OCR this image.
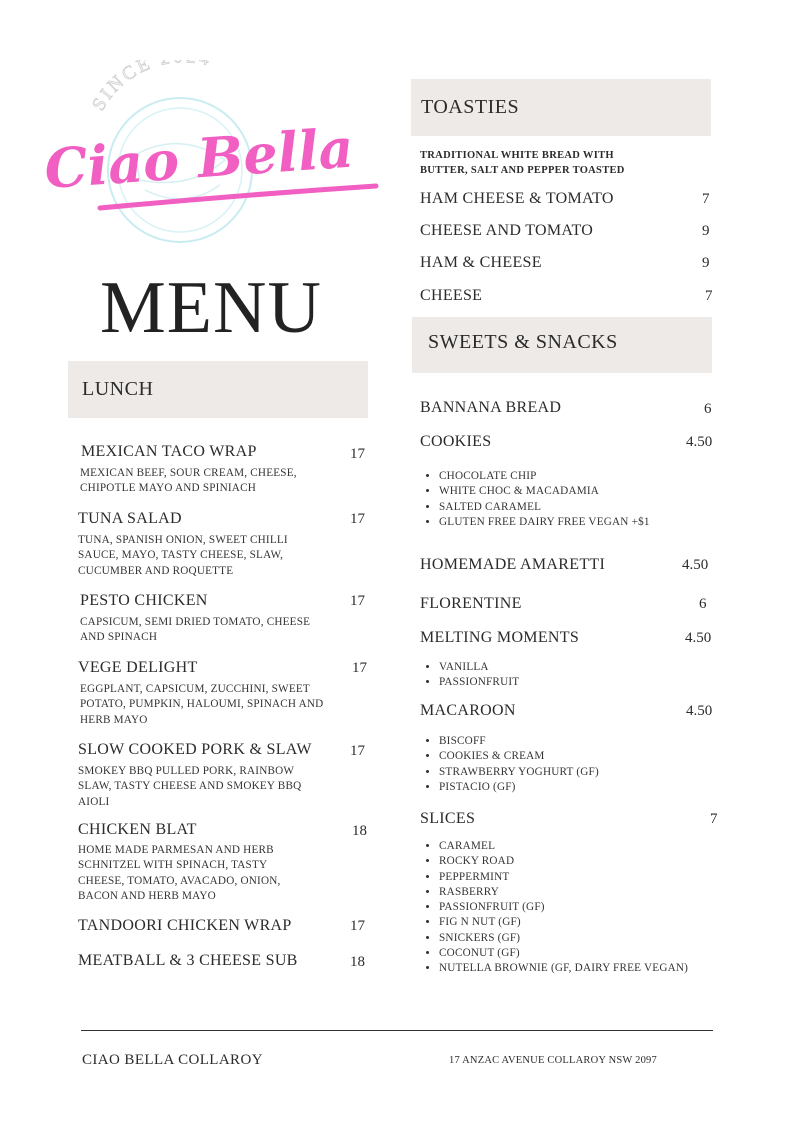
SINCE
Ciao Bella
MENU
LUNCH
MEXICAN TACO WRAP	17
MEXICAN BEEF, SOUR CREAM, CHEESE, CHIPOTLE MAYO AND SPINIACH
TUNA SALAD	17
TUNA, SPANISH ONION, SWEET CHILLI SAUCE, MAYO, TASTY CHEESE, SLAW, CUCUMBER AND ROQUETTE
PESTO CHICKEN	17
CAPSICUM, SEMI DRIED TOMATO, CHEESE AND SPINACH
VEGE DELIGHT	17
EGGPLANT, CAPSICUM, ZUCCHINI, SWEET POTATO, PUMPKIN, HALOUMI, SPINACH AND HERB MAYO
SLOW COOKED PORK & SLAW	17
SMOKEY BBQ PULLED PORK, RAINBOW SLAW, TASTY CHEESE AND SMOKEY BBQ AIOLI
CHICKEN BLAT	18
HOME MADE PARMESAN AND HERB SCHNITZEL WITH SPINACH, TASTY CHEESE, TOMATO, AVACADO, ONION, BACON AND HERB MAYO
TANDOORI CHICKEN WRAP	17
MEATBALL & 3 CHEESE SUB	18
TOASTIES
TRADITIONAL WHITE BREAD WITH BUTTER, SALT AND PEPPER TOASTED
HAM CHEESE & TOMATO	7
CHEESE AND TOMATO	9
HAM & CHEESE	9
CHEESE	7
SWEETS & SNACKS
BANNANA BREAD	6
COOKIES	4.50
• CHOCOLATE CHIP
• WHITE CHOC & MACADAMIA
• SALTED CARAMEL
• GLUTEN FREE DAIRY FREE VEGAN +$1
HOMEMADE AMARETTI	4.50
FLORENTINE	6
MELTING MOMENTS	4.50
• VANILLA
• PASSIONFRUIT
MACAROON	4.50
• BISCOFF
• COOKIES & CREAM
• STRAWBERRY YOGHURT (GF)
• PISTACIO (GF)
SLICES	7
• CARAMEL
• ROCKY ROAD
• PEPPERMINT
• RASBERRY
• PASSIONFRUIT (GF)
• FIG N NUT (GF)
• SNICKERS (GF)
• COCONUT (GF)
• NUTELLA BROWNIE (GF, DAIRY FREE VEGAN)
CIAO BELLA COLLAROY	17 ANZAC AVENUE COLLAROY NSW 2097
